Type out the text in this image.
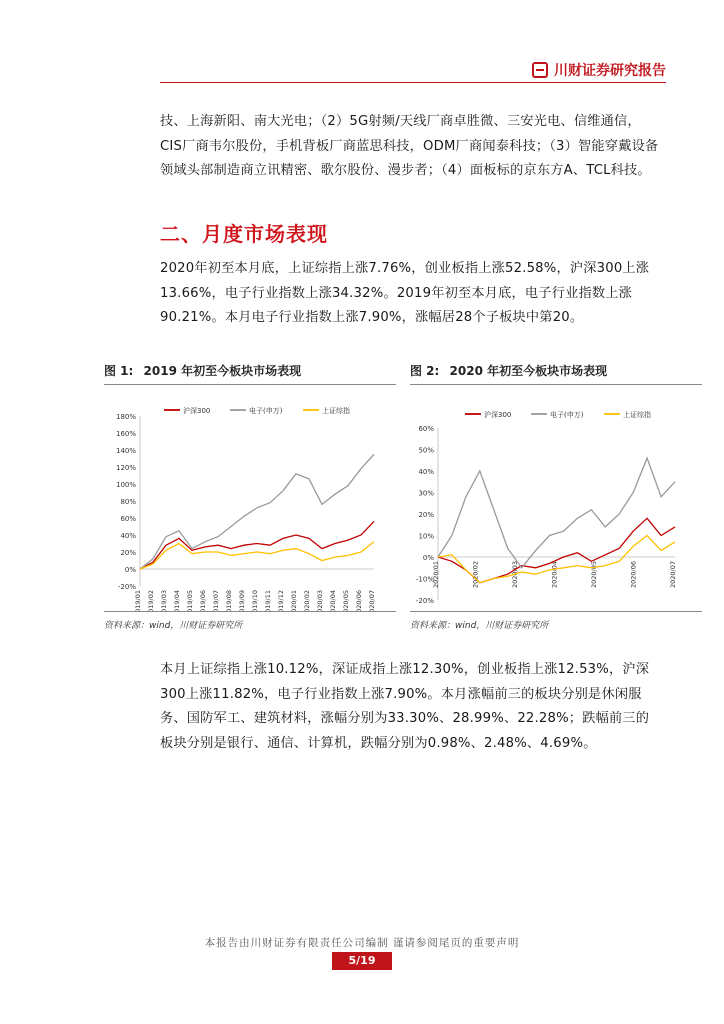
川财证券研究报告
技、上海新阳、南大光电；（2）5G射频/天线厂商卓胜微、三安光电、信维通信，CIS厂商韦尔股份，手机背板厂商蓝思科技，ODM厂商闻泰科技；（3）智能穿戴设备领域头部制造商立讯精密、歌尔股份、漫步者；（4）面板标的京东方A、TCL科技。
二、月度市场表现
2020年初至本月底，上证综指上涨7.76%，创业板指上涨52.58%，沪深300上涨13.66%，电子行业指数上涨34.32%。2019年初至本月底，电子行业指数上涨90.21%。本月电子行业指数上涨7.90%，涨幅居28个子板块中第20。
图 1: 2019 年初至今板块市场表现
-20%
0%
20%
40%
60%
80%
100%
120%
140%
160%
180%
2019/01 2019/02 2019/03 2019/04 2019/05 2019/06 2019/07 2019/08 2019/09 2019/10 2019/11 2019/12 2020/01 2020/02 2020/03 2020/04 2020/05 2020/06 2020/07
沪深300	电子(申万)	上证综指
资料来源：wind，川财证券研究所
图 2: 2020 年初至今板块市场表现
-20%
-10%
0%
10%
20%
30%
40%
50%
60%
2020/01	2020/02	2020/03	2020/04	2020/05	2020/06	2020/07
沪深300	电子(申万)	上证综指
资料来源：wind，川财证券研究所
本月上证综指上涨10.12%，深证成指上涨12.30%，创业板指上涨12.53%，沪深300上涨11.82%，电子行业指数上涨7.90%。本月涨幅前三的板块分别是休闲服务、国防军工、建筑材料，涨幅分别为33.30%、28.99%、22.28%；跌幅前三的板块分别是银行、通信、计算机，跌幅分别为0.98%、2.48%、4.69%。
本报告由川财证券有限责任公司编制 谨请参阅尾页的重要声明
5/19
